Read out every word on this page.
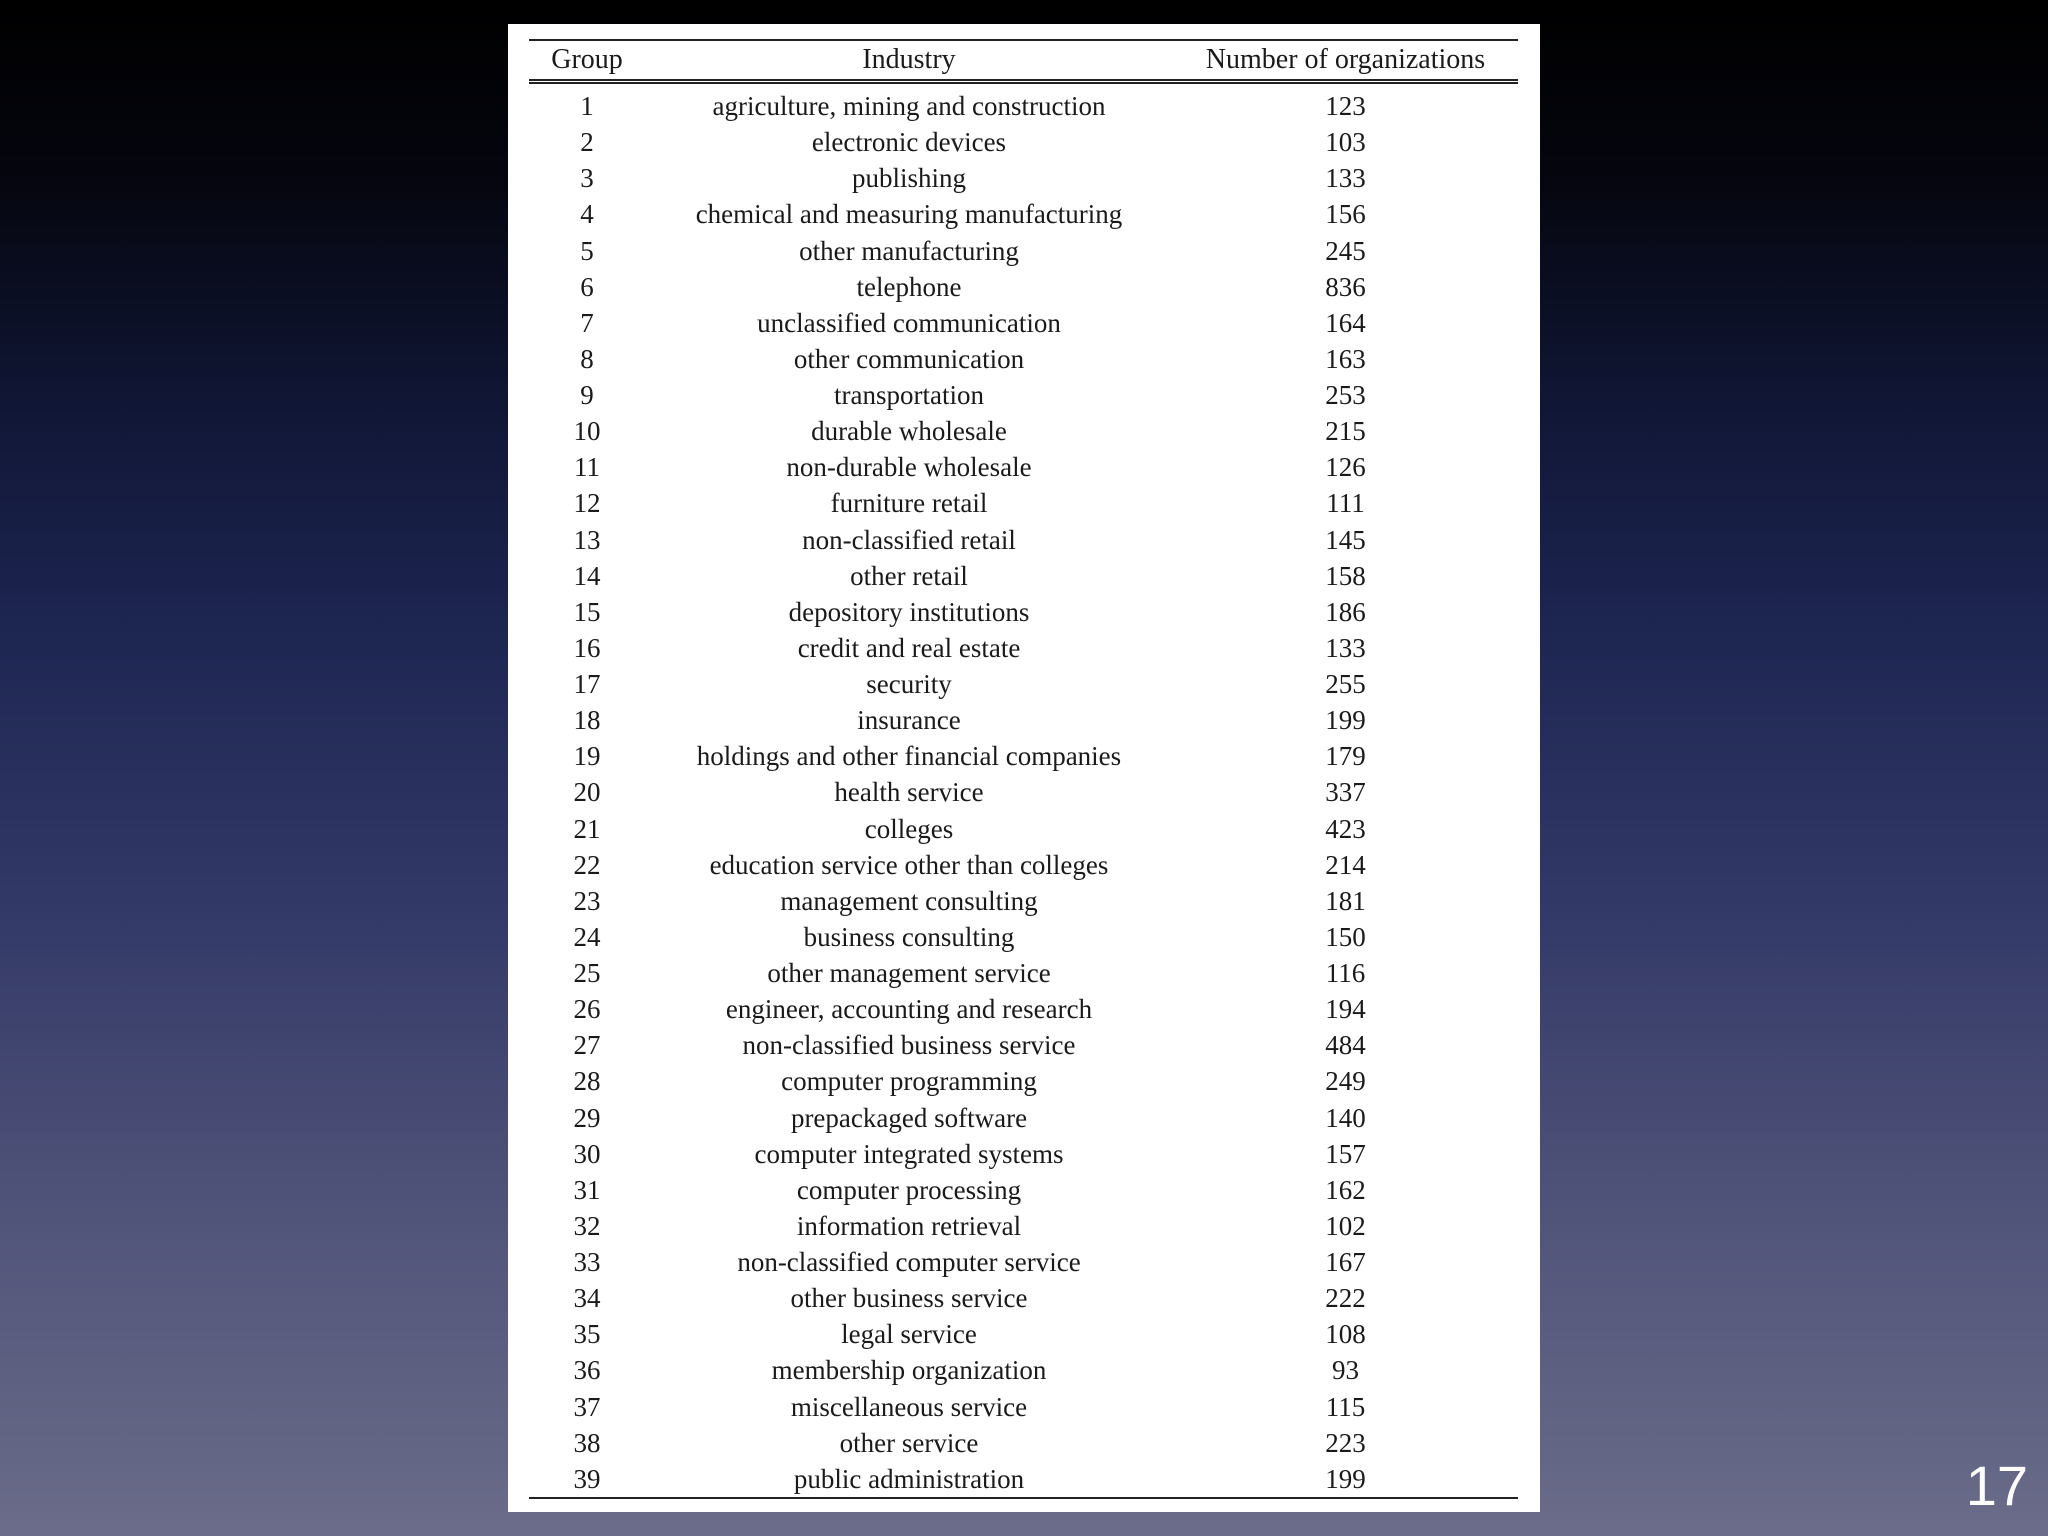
Group	Industry	Number of organizations
1	agriculture, mining and construction	123
2	electronic devices	103
3	publishing	133
4	chemical and measuring manufacturing	156
5	other manufacturing	245
6	telephone	836
7	unclassified communication	164
8	other communication	163
9	transportation	253
10	durable wholesale	215
11	non-durable wholesale	126
12	furniture retail	111
13	non-classified retail	145
14	other retail	158
15	depository institutions	186
16	credit and real estate	133
17	security	255
18	insurance	199
19	holdings and other financial companies	179
20	health service	337
21	colleges	423
22	education service other than colleges	214
23	management consulting	181
24	business consulting	150
25	other management service	116
26	engineer, accounting and research	194
27	non-classified business service	484
28	computer programming	249
29	prepackaged software	140
30	computer integrated systems	157
31	computer processing	162
32	information retrieval	102
33	non-classified computer service	167
34	other business service	222
35	legal service	108
36	membership organization	93
37	miscellaneous service	115
38	other service	223
39	public administration	199	17
